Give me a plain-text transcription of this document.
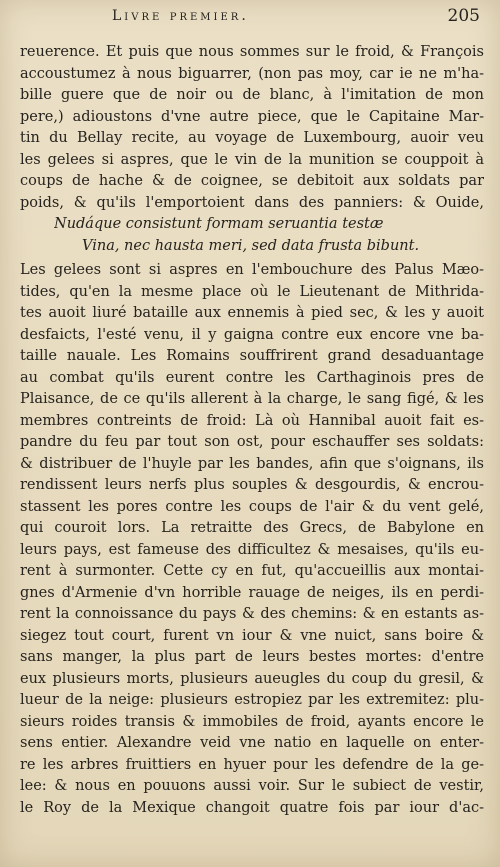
Livre premier.	205
reuerence. Et puis que nous sommes sur le froid, & François
accoustumez à nous biguarrer, (non pas moy, car ie ne m'ha-
bille guere que de noir ou de blanc, à l'imitation de mon
pere,) adioustons d'vne autre piece, que le Capitaine Mar-
tin du Bellay recite, au voyage de Luxembourg, auoir veu
les gelees si aspres, que le vin de la munition se couppoit à
coups de hache & de coignee, se debitoit aux soldats par
poids, & qu'ils l'emportoient dans des panniers: & Ouide,
Nudáque consistunt formam seruantia testæ
Vina, nec hausta meri, sed data frusta bibunt.
Les gelees sont si aspres en l'embouchure des Palus Mæo-
tides, qu'en la mesme place où le Lieutenant de Mithrida-
tes auoit liuré bataille aux ennemis à pied sec, & les y auoit
desfaicts, l'esté venu, il y gaigna contre eux encore vne ba-
taille nauale. Les Romains souffrirent grand desaduantage
au combat qu'ils eurent contre les Carthaginois pres de
Plaisance, de ce qu'ils allerent à la charge, le sang figé, & les
membres contreints de froid: Là où Hannibal auoit fait es-
pandre du feu par tout son ost, pour eschauffer ses soldats:
& distribuer de l'huyle par les bandes, afin que s'oignans, ils
rendissent leurs nerfs plus souples & desgourdis, & encrou-
stassent les pores contre les coups de l'air & du vent gelé,
qui couroit lors. La retraitte des Grecs, de Babylone en
leurs pays, est fameuse des difficultez & mesaises, qu'ils eu-
rent à surmonter. Cette cy en fut, qu'accueillis aux montai-
gnes d'Armenie d'vn horrible rauage de neiges, ils en perdi-
rent la connoissance du pays & des chemins: & en estants as-
siegez tout court, furent vn iour & vne nuict, sans boire &
sans manger, la plus part de leurs bestes mortes: d'entre
eux plusieurs morts, plusieurs aueugles du coup du gresil, &
lueur de la neige: plusieurs estropiez par les extremitez: plu-
sieurs roides transis & immobiles de froid, ayants encore le
sens entier. Alexandre veid vne natio en laquelle on enter-
re les arbres fruittiers en hyuer pour les defendre de la ge-
lee: & nous en pouuons aussi voir. Sur le subiect de vestir,
le Roy de la Mexique changoit quatre fois par iour d'ac-
